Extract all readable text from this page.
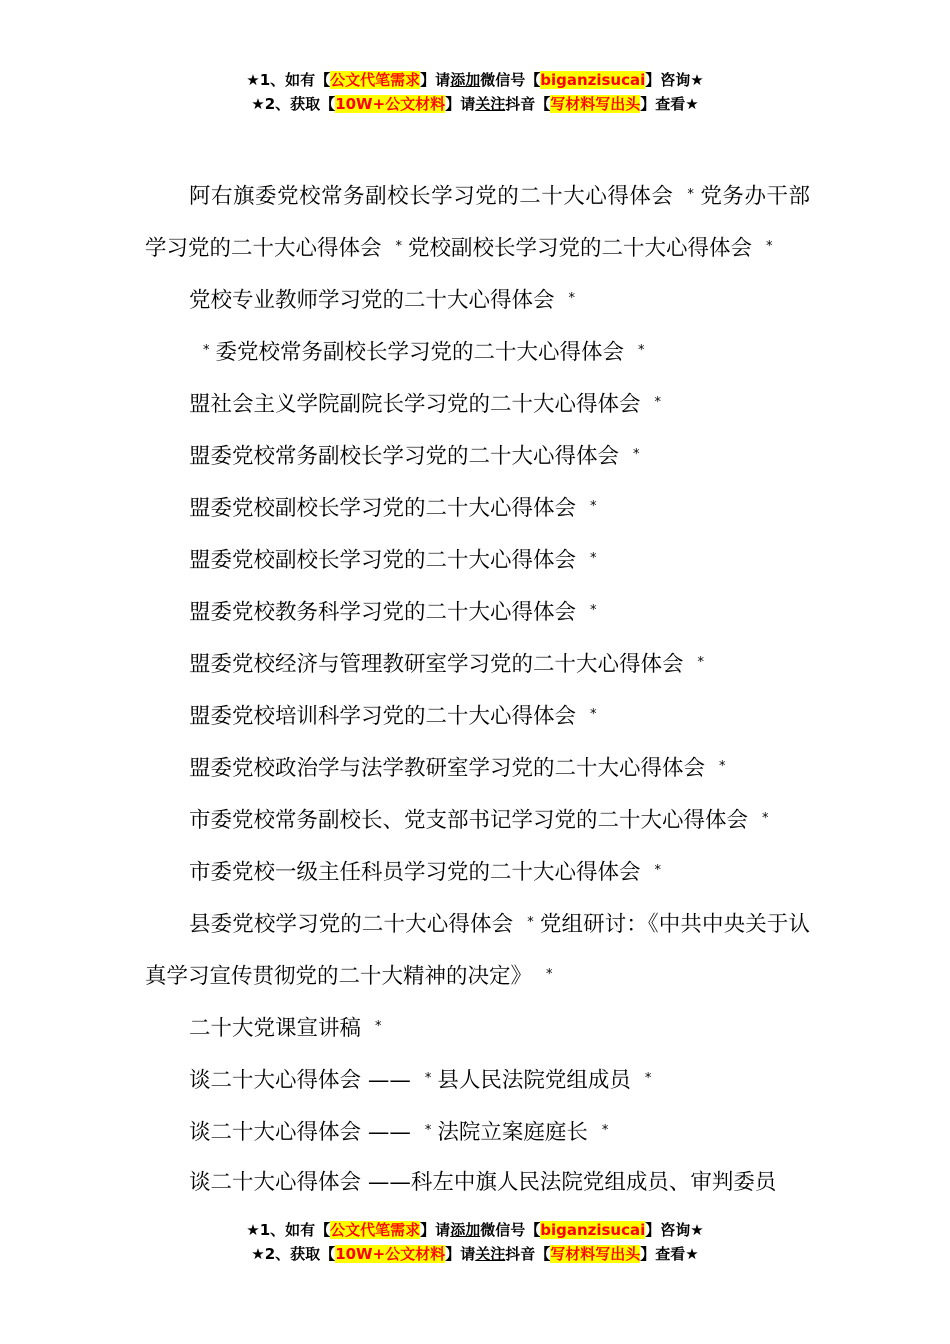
★1、如有【公文代笔需求】请添加微信号【biganzisucai】咨询★
★2、获取【10W+公文材料】请关注抖音【写材料写出头】查看★

阿右旗委党校常务副校长学习党的二十大心得体会 * 党务办干部学习党的二十大心得体会 * 党校副校长学习党的二十大心得体会 *

党校专业教师学习党的二十大心得体会 *

* 委党校常务副校长学习党的二十大心得体会 *

盟社会主义学院副院长学习党的二十大心得体会 *

盟委党校常务副校长学习党的二十大心得体会 *

盟委党校副校长学习党的二十大心得体会 *

盟委党校副校长学习党的二十大心得体会 *

盟委党校教务科学习党的二十大心得体会 *

盟委党校经济与管理教研室学习党的二十大心得体会 *

盟委党校培训科学习党的二十大心得体会 *

盟委党校政治学与法学教研室学习党的二十大心得体会 *

市委党校常务副校长、党支部书记学习党的二十大心得体会 *

市委党校一级主任科员学习党的二十大心得体会 *

县委党校学习党的二十大心得体会 * 党组研讨：《中共中央关于认真学习宣传贯彻党的二十大精神的决定》 *

二十大党课宣讲稿 *

谈二十大心得体会 —— * 县人民法院党组成员 *

谈二十大心得体会 —— * 法院立案庭庭长 *

谈二十大心得体会 ——科左中旗人民法院党组成员、审判委员

★1、如有【公文代笔需求】请添加微信号【biganzisucai】咨询★
★2、获取【10W+公文材料】请关注抖音【写材料写出头】查看★
